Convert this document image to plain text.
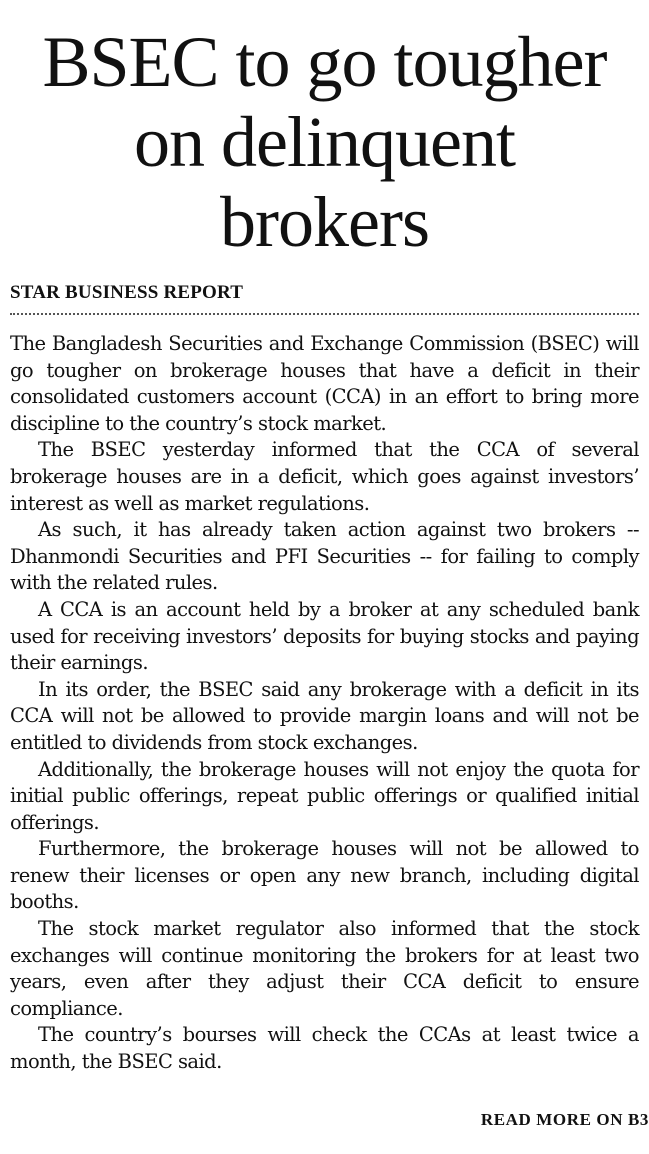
BSEC to go tougher
on delinquent
brokers
STAR BUSINESS REPORT

The Bangladesh Securities and Exchange Commission (BSEC) will go tougher on brokerage houses that have a deficit in their consolidated customers account (CCA) in an effort to bring more discipline to the country’s stock market.

The BSEC yesterday informed that the CCA of several brokerage houses are in a deficit, which goes against investors’ interest as well as market regulations.

As such, it has already taken action against two brokers -- Dhanmondi Securities and PFI Securities -- for failing to comply with the related rules.

A CCA is an account held by a broker at any scheduled bank used for receiving investors’ deposits for buying stocks and paying their earnings.

In its order, the BSEC said any brokerage with a deficit in its CCA will not be allowed to provide margin loans and will not be entitled to dividends from stock exchanges.

Additionally, the brokerage houses will not enjoy the quota for initial public offerings, repeat public offerings or qualified initial offerings.

Furthermore, the brokerage houses will not be allowed to renew their licenses or open any new branch, including digital booths.

The stock market regulator also informed that the stock exchanges will continue monitoring the brokers for at least two years, even after they adjust their CCA deficit to ensure compliance.

The country’s bourses will check the CCAs at least twice a month, the BSEC said.

READ MORE ON B3
